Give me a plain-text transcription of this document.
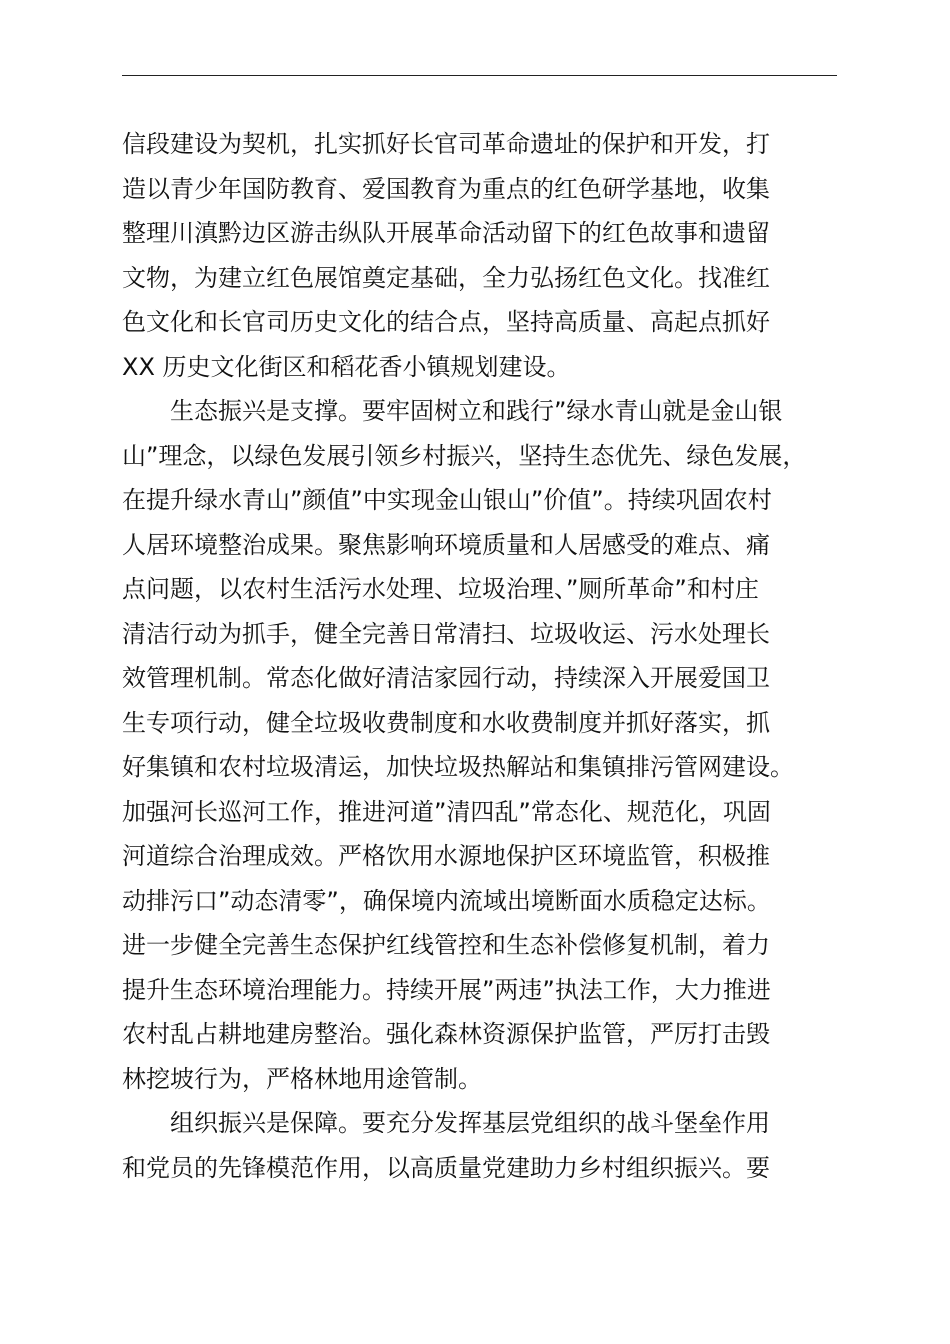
信段建设为契机，扎实抓好长官司革命遗址的保护和开发，打
造以青少年国防教育、爱国教育为重点的红色研学基地，收集
整理川滇黔边区游击纵队开展革命活动留下的红色故事和遗留
文物，为建立红色展馆奠定基础，全力弘扬红色文化。找准红
色文化和长官司历史文化的结合点，坚持高质量、高起点抓好
XX 历史文化街区和稻花香小镇规划建设。

生态振兴是支撑。要牢固树立和践行”绿水青山就是金山银
山”理念，以绿色发展引领乡村振兴，坚持生态优先、绿色发展，
在提升绿水青山”颜值”中实现金山银山”价值”。持续巩固农村
人居环境整治成果。聚焦影响环境质量和人居感受的难点、痛
点问题，以农村生活污水处理、垃圾治理、”厕所革命”和村庄
清洁行动为抓手，健全完善日常清扫、垃圾收运、污水处理长
效管理机制。常态化做好清洁家园行动，持续深入开展爱国卫
生专项行动，健全垃圾收费制度和水收费制度并抓好落实，抓
好集镇和农村垃圾清运，加快垃圾热解站和集镇排污管网建设。
加强河长巡河工作，推进河道”清四乱”常态化、规范化，巩固
河道综合治理成效。严格饮用水源地保护区环境监管，积极推
动排污口”动态清零”，确保境内流域出境断面水质稳定达标。
进一步健全完善生态保护红线管控和生态补偿修复机制，着力
提升生态环境治理能力。持续开展”两违”执法工作，大力推进
农村乱占耕地建房整治。强化森林资源保护监管，严厉打击毁
林挖坡行为，严格林地用途管制。

组织振兴是保障。要充分发挥基层党组织的战斗堡垒作用
和党员的先锋模范作用，以高质量党建助力乡村组织振兴。要
